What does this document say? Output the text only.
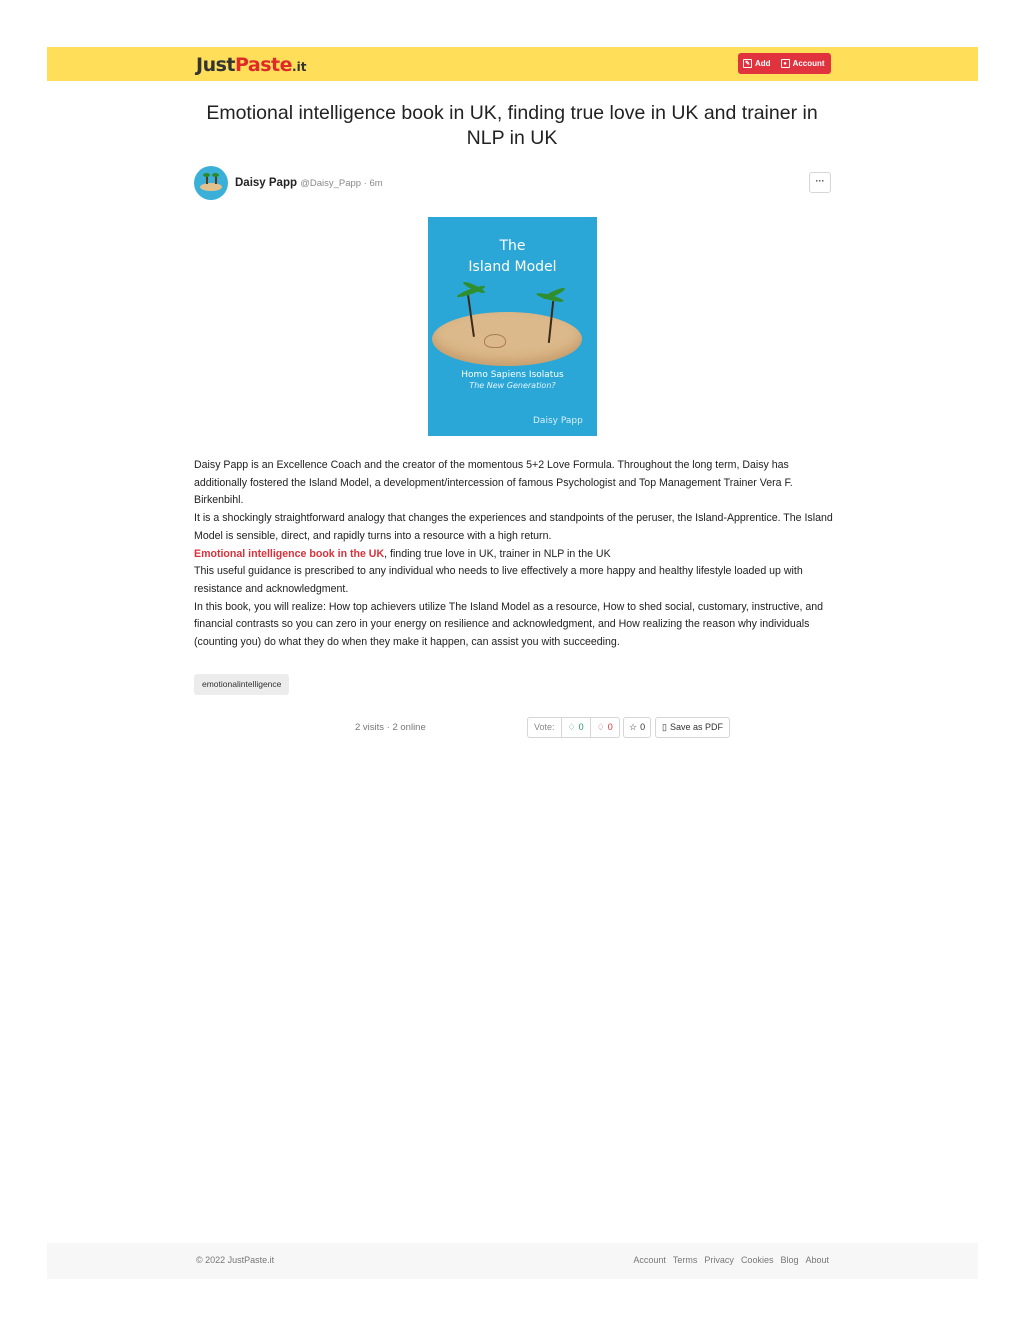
JustPaste.it	✎ Add	● Account
Emotional intelligence book in UK, finding true love in UK and trainer in NLP in UK
Daisy Papp @Daisy_Papp · 6m	···
The
Island Model
Homo Sapiens Isolatus
The New Generation?
Daisy Papp

Daisy Papp is an Excellence Coach and the creator of the momentous 5+2 Love Formula. Throughout the long term, Daisy has additionally fostered the Island Model, a development/intercession of famous Psychologist and Top Management Trainer Vera F. Birkenbihl.

It is a shockingly straightforward analogy that changes the experiences and standpoints of the peruser, the Island-Apprentice. The Island Model is sensible, direct, and rapidly turns into a resource with a high return.

Emotional intelligence book in the UK, finding true love in UK, trainer in NLP in the UK

This useful guidance is prescribed to any individual who needs to live effectively a more happy and healthy lifestyle loaded up with resistance and acknowledgment.

In this book, you will realize: How top achievers utilize The Island Model as a resource, How to shed social, customary, instructive, and financial contrasts so you can zero in your energy on resilience and acknowledgment, and How realizing the reason why individuals (counting you) do what they do when they make it happen, can assist you with succeeding.

emotionalintelligence
2 visits · 2 online	Vote:	♢ 0 ♢ 0 ☆ 0 ▯ Save as PDF
© 2022 JustPaste.it	Account Terms Privacy Cookies Blog About
